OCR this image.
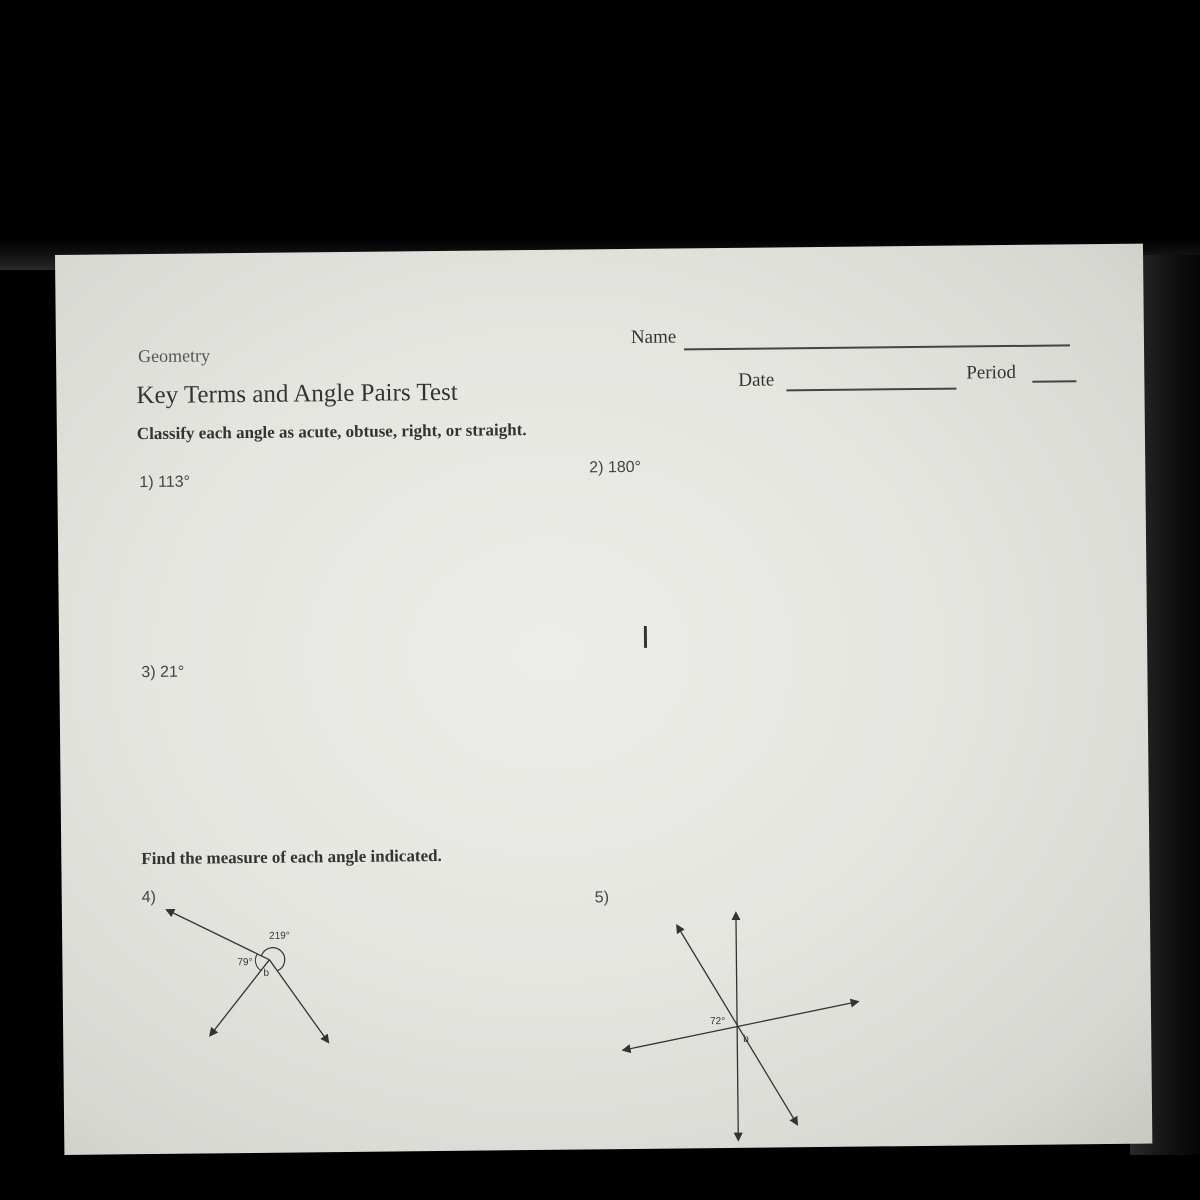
Geometry
Key Terms and Angle Pairs Test
Name
Date	Period
Classify each angle as acute, obtuse, right, or straight.
1) 113°
2) 180°
3) 21°
I
Find the measure of each angle indicated.
4)	5)
219°
79°
b
72°
b
